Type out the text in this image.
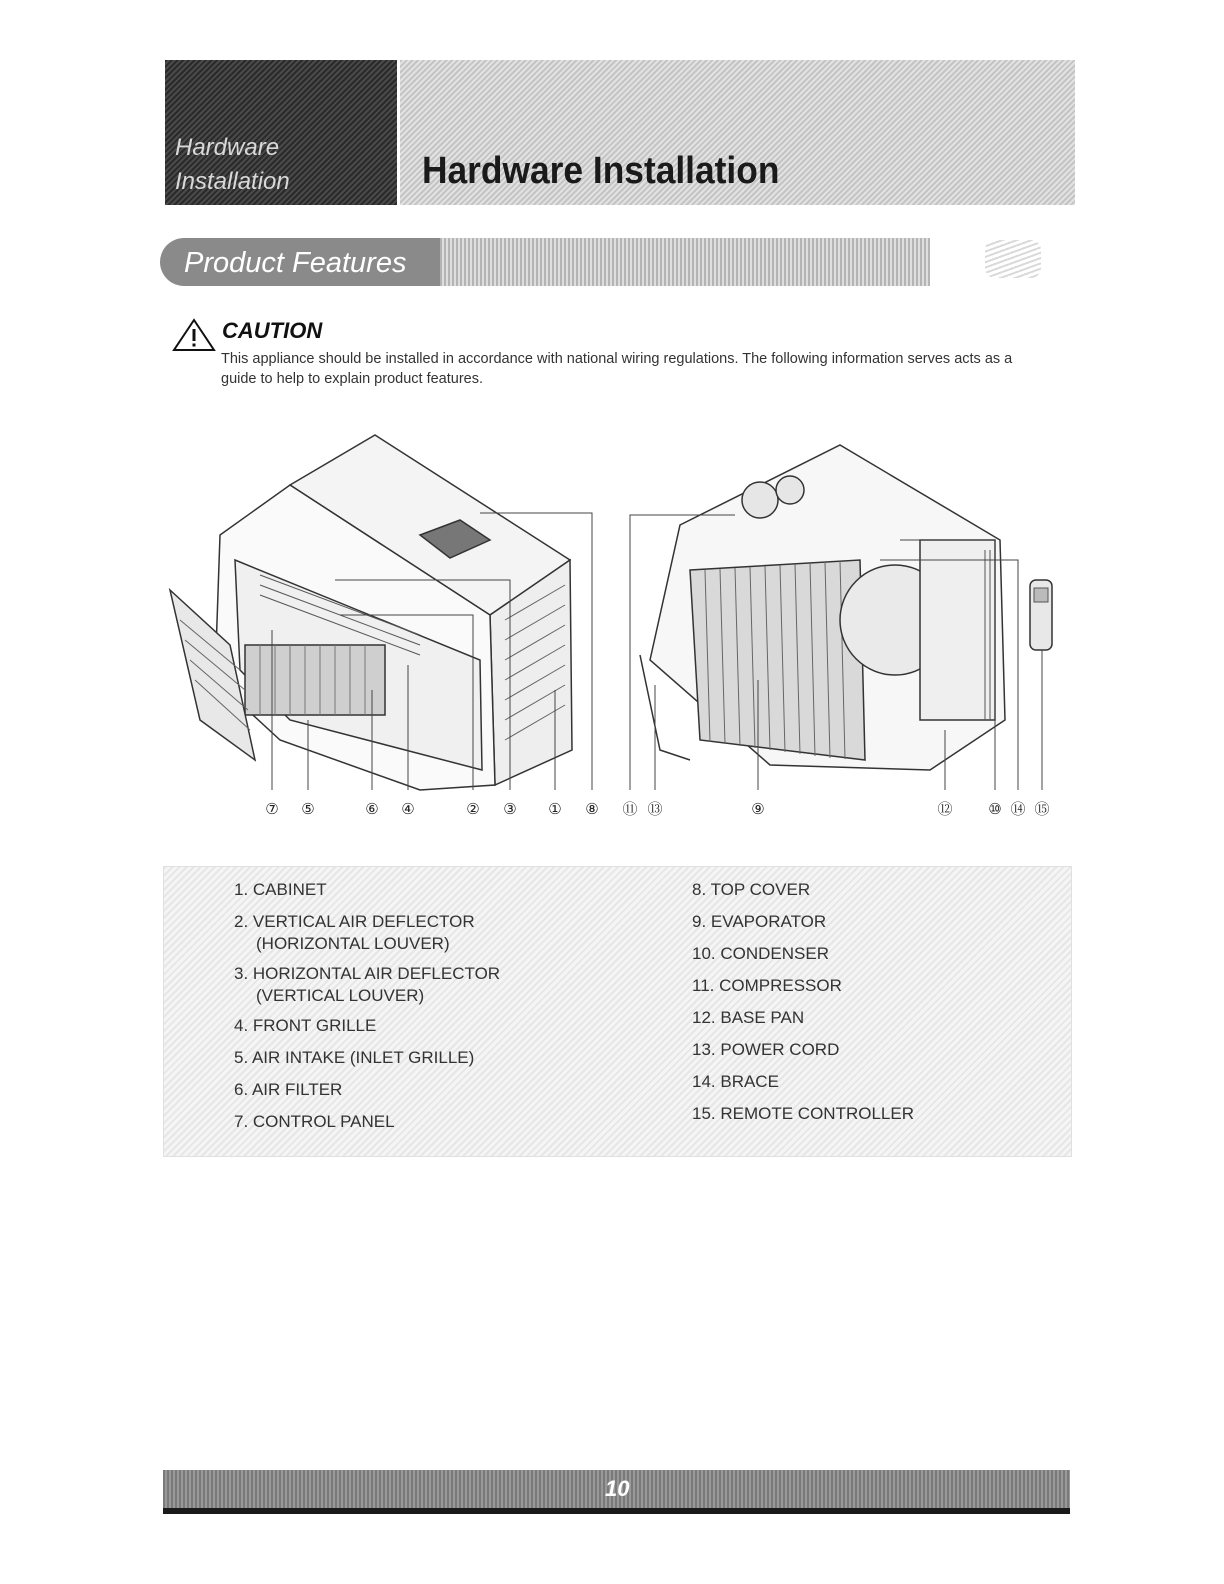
Hardware
Installation	Hardware Installation
Product Features
CAUTION
This appliance should be installed in accordance with national wiring regulations. The following information serves acts as a guide to help to explain product features.
⑦ ⑤	⑥ ④	② ③ ① ⑧ ⑪ ⑬	⑨	⑫ ⑩ ⑭ ⑮
1. CABINET
2. VERTICAL AIR DEFLECTOR
(HORIZONTAL LOUVER)
3. HORIZONTAL AIR DEFLECTOR
(VERTICAL LOUVER)
4. FRONT GRILLE
5. AIR INTAKE (INLET GRILLE)
6. AIR FILTER
7. CONTROL PANEL
8. TOP COVER
9. EVAPORATOR
10. CONDENSER
11. COMPRESSOR
12. BASE PAN
13. POWER CORD
14. BRACE
15. REMOTE CONTROLLER
10
